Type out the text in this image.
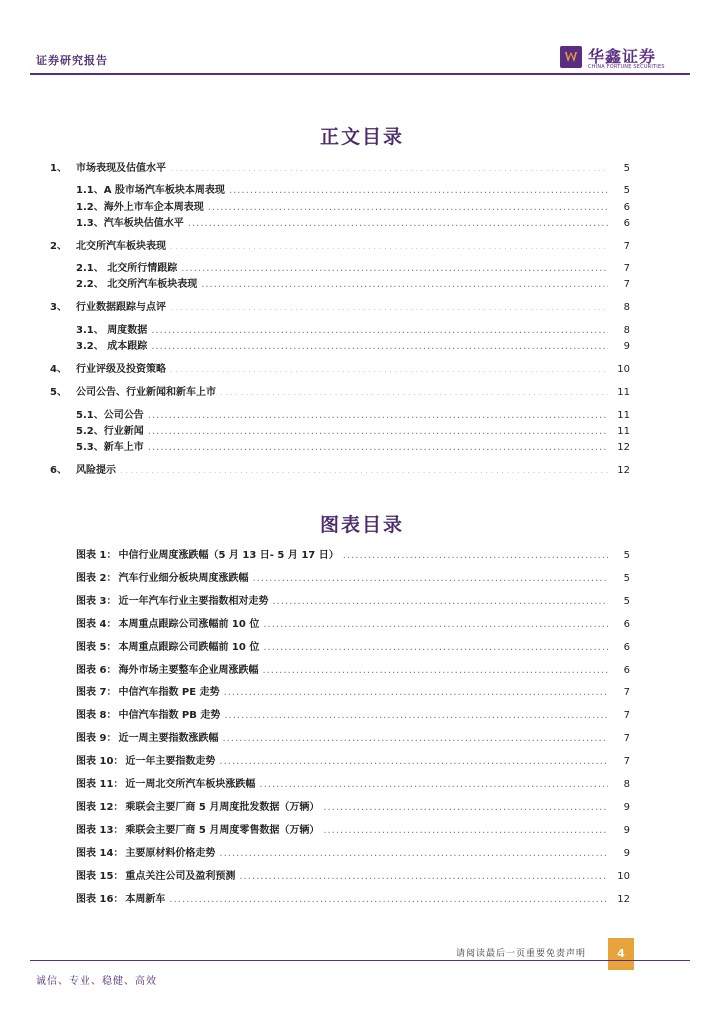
证券研究报告	华鑫证券
CHINA FORTUNE SECURITIES
正文目录
1、 市场表现及估值水平 .....	5
1.1、A 股市场汽车板块本周表现 .....	5
1.2、海外上市车企本周表现 .....	6
1.3、汽车板块估值水平 .....	6
2、 北交所汽车板块表现 .....	7
2.1、 北交所行情跟踪 .....	7
2.2、 北交所汽车板块表现 .....	7
3、 行业数据跟踪与点评 .....	8
3.1、 周度数据 .....	8
3.2、 成本跟踪 .....	9
4、 行业评级及投资策略 .....	10
5、 公司公告、行业新闻和新车上市 .....	11
5.1、公司公告 .....	11
5.2、行业新闻 .....	11
5.3、新车上市 .....	12
6、 风险提示 .....	12
图表目录
图表 1： 中信行业周度涨跌幅（5 月 13 日- 5 月 17 日） .....	5
图表 2： 汽车行业细分板块周度涨跌幅 .....	5
图表 3： 近一年汽车行业主要指数相对走势 .....	5
图表 4： 本周重点跟踪公司涨幅前 10 位 .....	6
图表 5： 本周重点跟踪公司跌幅前 10 位 .....	6
图表 6： 海外市场主要整车企业周涨跌幅 .....	6
图表 7： 中信汽车指数 PE 走势 .....	7
图表 8： 中信汽车指数 PB 走势 .....	7
图表 9： 近一周主要指数涨跌幅 .....	7
图表 10： 近一年主要指数走势 .....	7
图表 11： 近一周北交所汽车板块涨跌幅 .....	8
图表 12： 乘联会主要厂商 5 月周度批发数据（万辆） .....	9
图表 13： 乘联会主要厂商 5 月周度零售数据（万辆） .....	9
图表 14： 主要原材料价格走势 .....	9
图表 15： 重点关注公司及盈利预测 .....	10
图表 16： 本周新车 .....	12
请阅读最后一页重要免责声明	4
诚信、专业、稳健、高效
